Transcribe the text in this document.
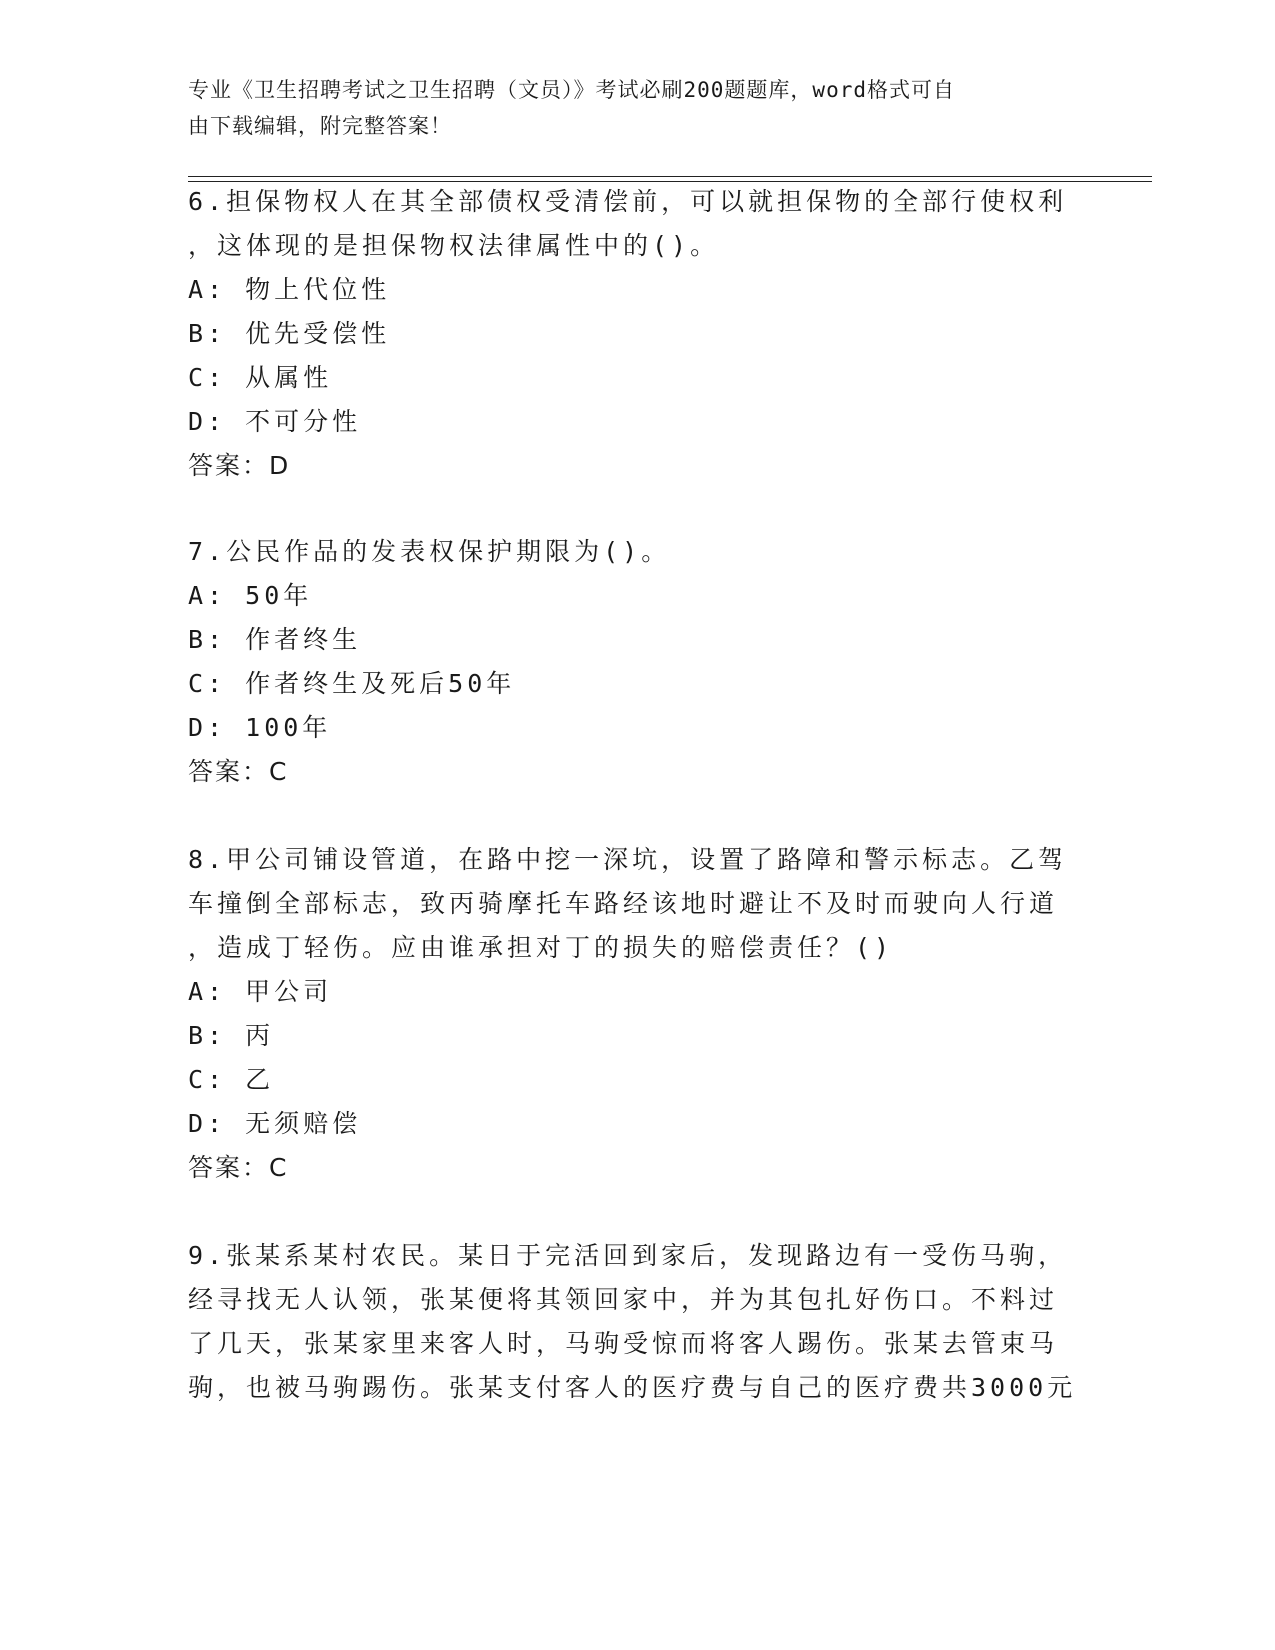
专业《卫生招聘考试之卫生招聘（文员）》考试必刷200题题库，word格式可自
由下载编辑，附完整答案！
6.担保物权人在其全部债权受清偿前，可以就担保物的全部行使权利
，这体现的是担保物权法律属性中的()。
A: 物上代位性
B: 优先受偿性
C: 从属性
D: 不可分性
答案：D
7.公民作品的发表权保护期限为()。
A: 50年
B: 作者终生
C: 作者终生及死后50年
D: 100年
答案：C
8.甲公司铺设管道，在路中挖一深坑，设置了路障和警示标志。乙驾
车撞倒全部标志，致丙骑摩托车路经该地时避让不及时而驶向人行道
，造成丁轻伤。应由谁承担对丁的损失的赔偿责任？()
A: 甲公司
B: 丙
C: 乙
D: 无须赔偿
答案：C
9.张某系某村农民。某日于完活回到家后，发现路边有一受伤马驹，
经寻找无人认领，张某便将其领回家中，并为其包扎好伤口。不料过
了几天，张某家里来客人时，马驹受惊而将客人踢伤。张某去管束马
驹，也被马驹踢伤。张某支付客人的医疗费与自己的医疗费共3000元
